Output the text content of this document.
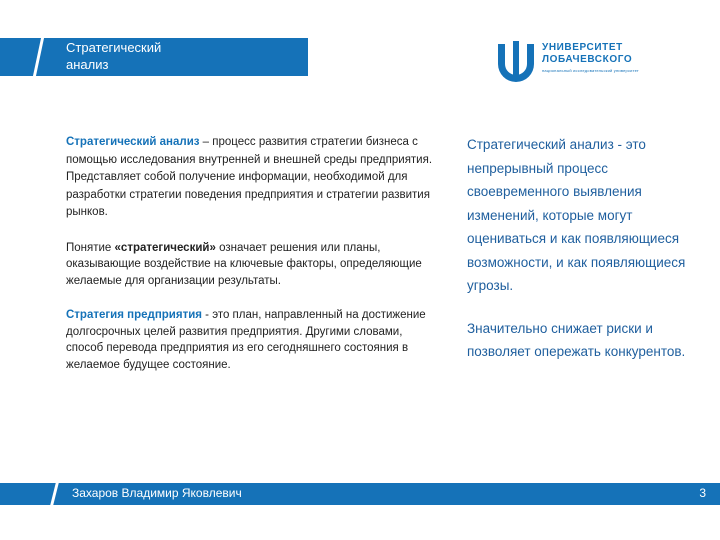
Стратегический
анализ
УНИВЕРСИТЕТ
ЛОБАЧЕВСКОГО
национальный исследовательский университет

Стратегический анализ – процесс развития стратегии бизнеса с помощью исследования внутренней и внешней среды предприятия. Представляет собой получение информации, необходимой для разработки стратегии поведения предприятия и стратегии развития рынков.

Понятие «стратегический» означает решения или планы, оказывающие воздействие на ключевые факторы, определяющие желаемые для организации результаты.

Стратегия предприятия - это план, направленный на достижение долгосрочных целей развития предприятия. Другими словами, способ перевода предприятия из его сегодняшнего состояния в желаемое будущее состояние.

Стратегический анализ - это непрерывный процесс своевременного выявления изменений, которые могут оцениваться и как появляющиеся возможности, и как появляющиеся угрозы.

Значительно снижает риски и позволяет опережать конкурентов.

Захаров Владимир Яковлевич	3
